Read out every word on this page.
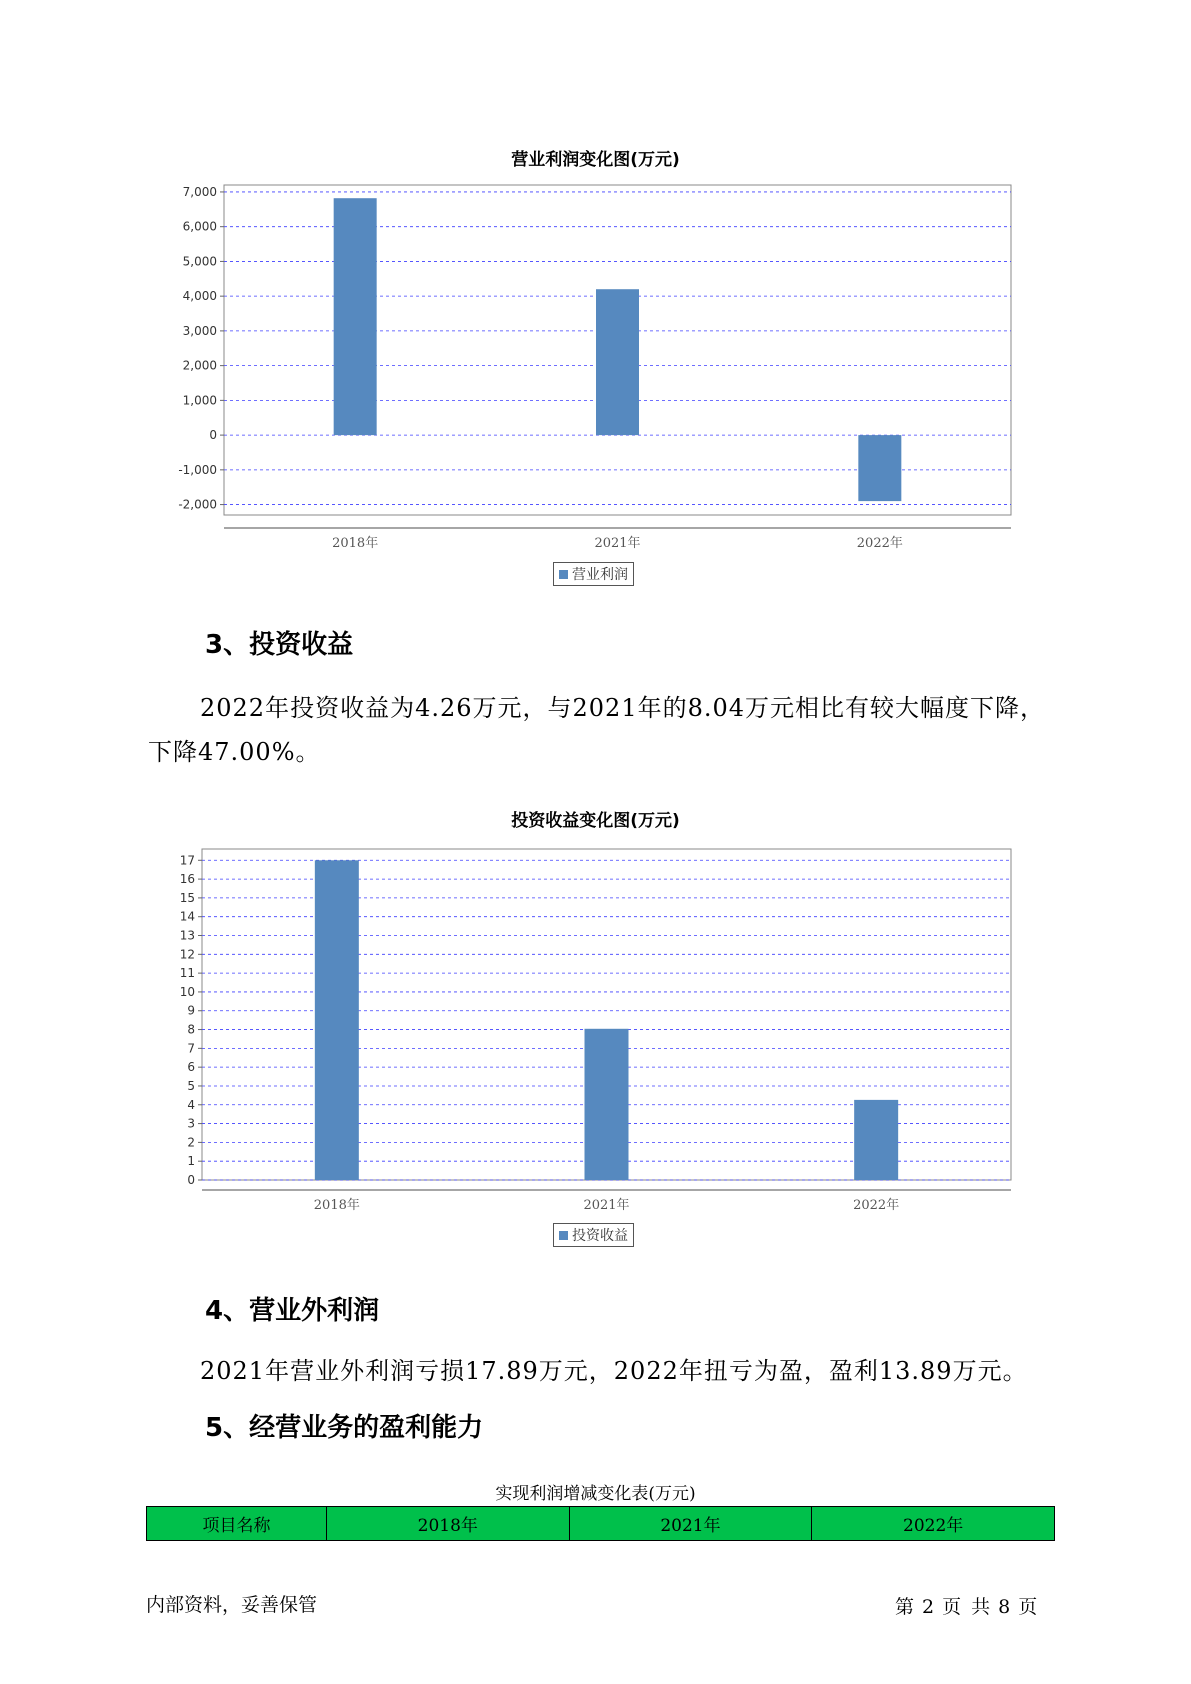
营业利润变化图(万元)
7,000
6,000
5,000
4,000
3,000
2,000
1,000
0
-1,000
-2,000
2018年	2021年	2022年
营业利润
3、投资收益

2022年投资收益为4.26万元，与2021年的8.04万元相比有较大幅度下降，下降47.00%。

投资收益变化图(万元)
17
16
15
14
13
12
11
10
9
8
7
6
5
4
3
2
1
0
2018年	2021年	2022年
投资收益
4、营业外利润

2021年营业外利润亏损17.89万元，2022年扭亏为盈，盈利13.89万元。

5、经营业务的盈利能力
实现利润增减变化表(万元)
项目名称	2018年	2021年	2022年
内部资料，妥善保管	第 2 页 共 8 页
